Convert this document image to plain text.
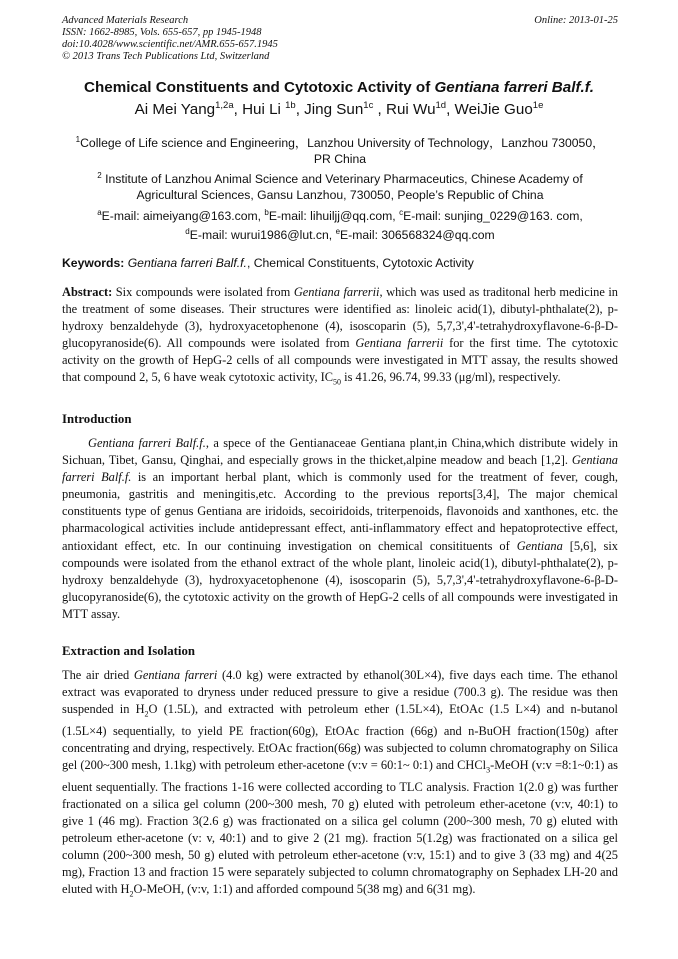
Advanced Materials Research
ISSN: 1662-8985, Vols. 655-657, pp 1945-1948
doi:10.4028/www.scientific.net/AMR.655-657.1945
© 2013 Trans Tech Publications Ltd, Switzerland
Online: 2013-01-25
Chemical Constituents and Cytotoxic Activity of Gentiana farreri Balf.f.
Ai Mei Yang$^{1,2a}$, Hui Li $^{1b}$, Jing Sun$^{1c}$ , Rui $Wu^{1d}$, WeiJie Guo$^{1e}$
$^1$College of Life science and Engineering，Lanzhou University of Technology，Lanzhou 730050，
PR China
$^2$ Institute of Lanzhou Animal Science and Veterinary Pharmaceutics, Chinese Academy of
Agricultural Sciences, Gansu Lanzhou, 730050, People’s Republic of China
$^a$E-mail: aimeiyang@163.com, $^b$E-mail: lihuiljj@qq.com, $^c$E-mail: sunjing_0229@163. com,
$^d$E-mail: wurui1986@lut.cn, $^e$E-mail: 306568324@qq.com
Keywords: Gentiana farreri Balf.f., Chemical Constituents, Cytotoxic Activity
Abstract: Six compounds were isolated from Gentiana farrerii, which was used as traditonal herb medicine in the treatment of some diseases. Their structures were identified as: linoleic acid(1), dibutyl-phthalate(2), p-hydroxy benzaldehyde (3), hydroxyacetophenone (4), isoscoparin (5), 5,7,3',4'-tetrahydroxyflavone-6-β-D-glucopyranoside(6). All compounds were isolated from Gentiana farrerii for the first time. The cytotoxic activity on the growth of HepG-2 cells of all compounds were investigated in MTT assay, the results showed that compound 2, 5, 6 have weak cytotoxic activity, $IC_{50}$ is 41.26, 96.74, 99.33 (μg/ml), respectively.
Introduction
Gentiana farreri Balf.f., a spece of the Gentianaceae Gentiana plant,in China,which distribute widely in Sichuan, Tibet, Gansu, Qinghai, and especially grows in the thicket,alpine meadow and beach [1,2]. Gentiana farreri Balf.f. is an important herbal plant, which is commonly used for the treatment of fever, cough, pneumonia, gastritis and meningitis,etc. According to the previous reports[3,4], The major chemical constituents type of genus Gentiana are iridoids, secoiridoids, triterpenoids, flavonoids and xanthones, etc. the pharmacological activities include antidepressant effect, anti-inflammatory effect and hepatoprotective effect, antioxidant effect, etc. In our continuing investigation on chemical consitituents of Gentiana [5,6], six compounds were isolated from the ethanol extract of the whole plant, linoleic acid(1), dibutyl-phthalate(2), p-hydroxy benzaldehyde (3), hydroxyacetophenone (4), isoscoparin (5), 5,7,3',4'-tetrahydroxyflavone-6-β-D-glucopyranoside(6), the cytotoxic activity on the growth of HepG-2 cells of all compounds were investigated in MTT assay.
Extraction and Isolation
The air dried Gentiana farreri (4.0 kg) were extracted by ethanol(30L×4), five days each time. The ethanol extract was evaporated to dryness under reduced pressure to give a residue (700.3 g). The residue was then suspended in $H_2O$ (1.5L), and extracted with petroleum ether (1.5L×4), EtOAc (1.5 L×4) and n-butanol (1.5L×4) sequentially, to yield PE fraction(60g), EtOAc fraction (66g) and n-BuOH fraction(150g) after concentrating and drying, respectively. EtOAc fraction(66g) was subjected to column chromatography on Silica gel (200~300 mesh, 1.1kg) with petroleum ether-acetone (v:v = 60:1~ 0:1) and CHCl$_3$-MeOH (v:v =8:1~0:1) as eluent sequentially. The fractions 1-16 were collected according to TLC analysis. Fraction 1(2.0 g) was further fractionated on a silica gel column (200~300 mesh, 70 g) eluted with petroleum ether-acetone (v:v, 40:1) to give 1 (46 mg). Fraction 3(2.6 g) was fractionated on a silica gel column (200~300 mesh, 70 g) eluted with petroleum ether-acetone (v: v, 40:1) and to give 2 (21 mg). fraction 5(1.2g) was fractionated on a silica gel column (200~300 mesh, 50 g) eluted with petroleum ether-acetone (v:v, 15:1) and to give 3 (33 mg) and 4(25 mg), Fraction 13 and fraction 15 were separately subjected to column chromatography on Sephadex LH-20 and eluted with $H_2O$-MeOH, (v:v, 1:1) and afforded compound 5(38 mg) and 6(31 mg).
